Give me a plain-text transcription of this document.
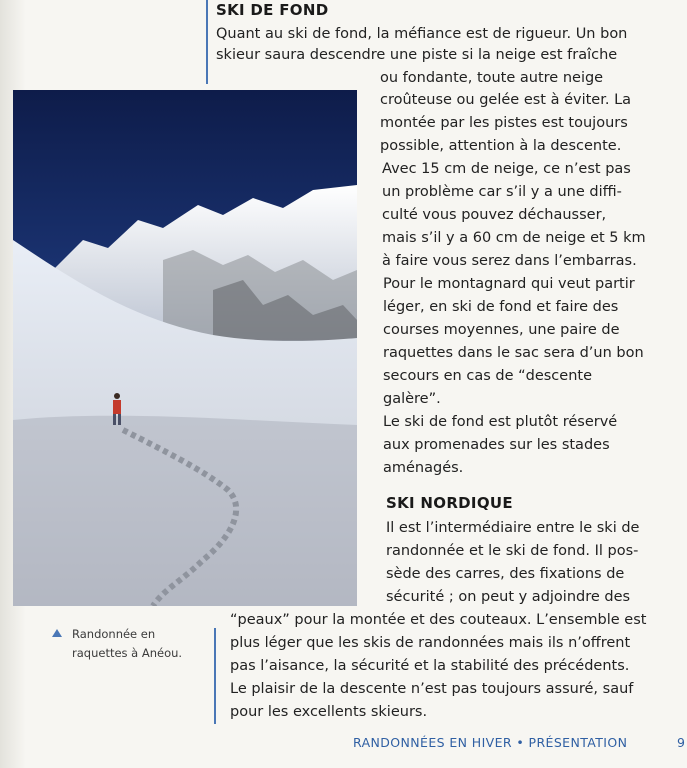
SKI DE FOND

Quant au ski de fond, la méfiance est de rigueur. Un bon

skieur saura descendre une piste si la neige est fraîche

ou fondante, toute autre neige

croûteuse ou gelée est à éviter. La

montée par les pistes est toujours

possible, attention à la descente.

Avec 15 cm de neige, ce n’est pas

un problème car s’il y a une diffi-

culté vous pouvez déchausser,

mais s’il y a 60 cm de neige et 5 km

à faire vous serez dans l’embarras.

Pour le montagnard qui veut partir

léger, en ski de fond et faire des

courses moyennes, une paire de

raquettes dans le sac sera d’un bon

secours en cas de “descente

galère”.

Le ski de fond est plutôt réservé

aux promenades sur les stades

aménagés.

SKI NORDIQUE

Il est l’intermédiaire entre le ski de

randonnée et le ski de fond. Il pos-

sède des carres, des fixations de

sécurité ; on peut y adjoindre des

“peaux” pour la montée et des couteaux. L’ensemble est

plus léger que les skis de randonnées mais ils n’offrent

pas l’aisance, la sécurité et la stabilité des précédents.

Le plaisir de la descente n’est pas toujours assuré, sauf

pour les excellents skieurs.

Randonnée en

raquettes à Anéou.

RANDONNÉES EN HIVER • PRÉSENTATION	9
